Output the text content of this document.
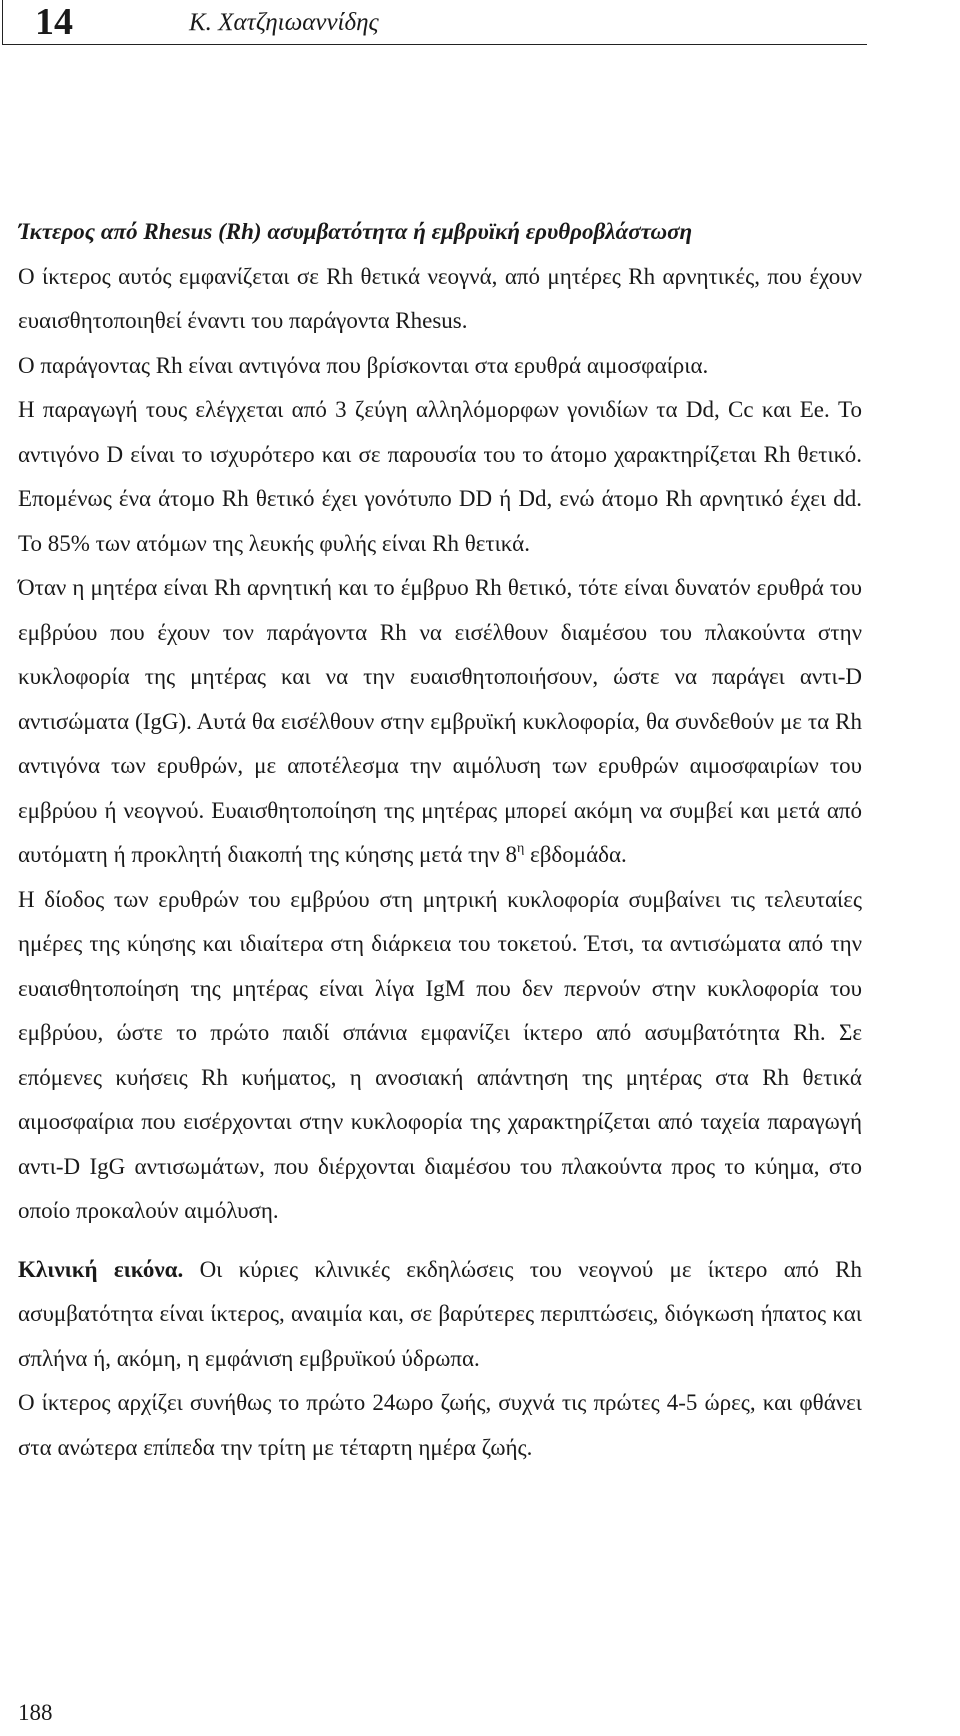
14	Κ. Χατζηιωαννίδης

Ίκτερος από Rhesus (Rh) ασυμβατότητα ή εμβρυϊκή ερυθροβλάστωση

Ο ίκτερος αυτός εμφανίζεται σε Rh θετικά νεογνά, από μητέρες Rh αρνητικές, που έχουν ευαισθητοποιηθεί έναντι του παράγοντα Rhesus.

Ο παράγοντας Rh είναι αντιγόνα που βρίσκονται στα ερυθρά αιμοσφαίρια.

Η παραγωγή τους ελέγχεται από 3 ζεύγη αλληλόμορφων γονιδίων τα Dd, Cc και Ee. Το αντιγόνο D είναι το ισχυρότερο και σε παρουσία του το άτομο χαρακτηρίζεται Rh θετικό. Επομένως ένα άτομο Rh θετικό έχει γονότυπο DD ή Dd, ενώ άτομο Rh αρνητικό έχει dd. Το 85% των ατόμων της λευκής φυλής είναι Rh θετικά.

Όταν η μητέρα είναι Rh αρνητική και το έμβρυο Rh θετικό, τότε είναι δυνατόν ερυθρά του εμβρύου που έχουν τον παράγοντα Rh να εισέλθουν διαμέσου του πλακούντα στην κυκλοφορία της μητέρας και να την ευαισθητοποιήσουν, ώστε να παράγει αντι-D αντισώματα (IgG). Αυτά θα εισέλθουν στην εμβρυϊκή κυκλοφορία, θα συνδεθούν με τα Rh αντιγόνα των ερυθρών, με αποτέλεσμα την αιμόλυση των ερυθρών αιμοσφαιρίων του εμβρύου ή νεογνού. Ευαισθητοποίηση της μητέρας μπορεί ακόμη να συμβεί και μετά από αυτόματη ή προκλητή διακοπή της κύησης μετά την $8^\eta$ εβδομάδα.

Η δίοδος των ερυθρών του εμβρύου στη μητρική κυκλοφορία συμβαίνει τις τελευταίες ημέρες της κύησης και ιδιαίτερα στη διάρκεια του τοκετού. Έτσι, τα αντισώματα από την ευαισθητοποίηση της μητέρας είναι λίγα IgM που δεν περνούν στην κυκλοφορία του εμβρύου, ώστε το πρώτο παιδί σπάνια εμφανίζει ίκτερο από ασυμβατότητα Rh. Σε επόμενες κυήσεις Rh κυήματος, η ανοσιακή απάντηση της μητέρας στα Rh θετικά αιμοσφαίρια που εισέρχονται στην κυκλοφορία της χαρακτηρίζεται από ταχεία παραγωγή αντι-D IgG αντισωμάτων, που διέρχονται διαμέσου του πλακούντα προς το κύημα, στο οποίο προκαλούν αιμόλυση.

Κλινική εικόνα. Οι κύριες κλινικές εκδηλώσεις του νεογνού με ίκτερο από Rh ασυμβατότητα είναι ίκτερος, αναιμία και, σε βαρύτερες περιπτώσεις, διόγκωση ήπατος και σπλήνα ή, ακόμη, η εμφάνιση εμβρυϊκού ύδρωπα.

Ο ίκτερος αρχίζει συνήθως το πρώτο 24ωρο ζωής, συχνά τις πρώτες 4-5 ώρες, και φθάνει στα ανώτερα επίπεδα την τρίτη με τέταρτη ημέρα ζωής.

188
